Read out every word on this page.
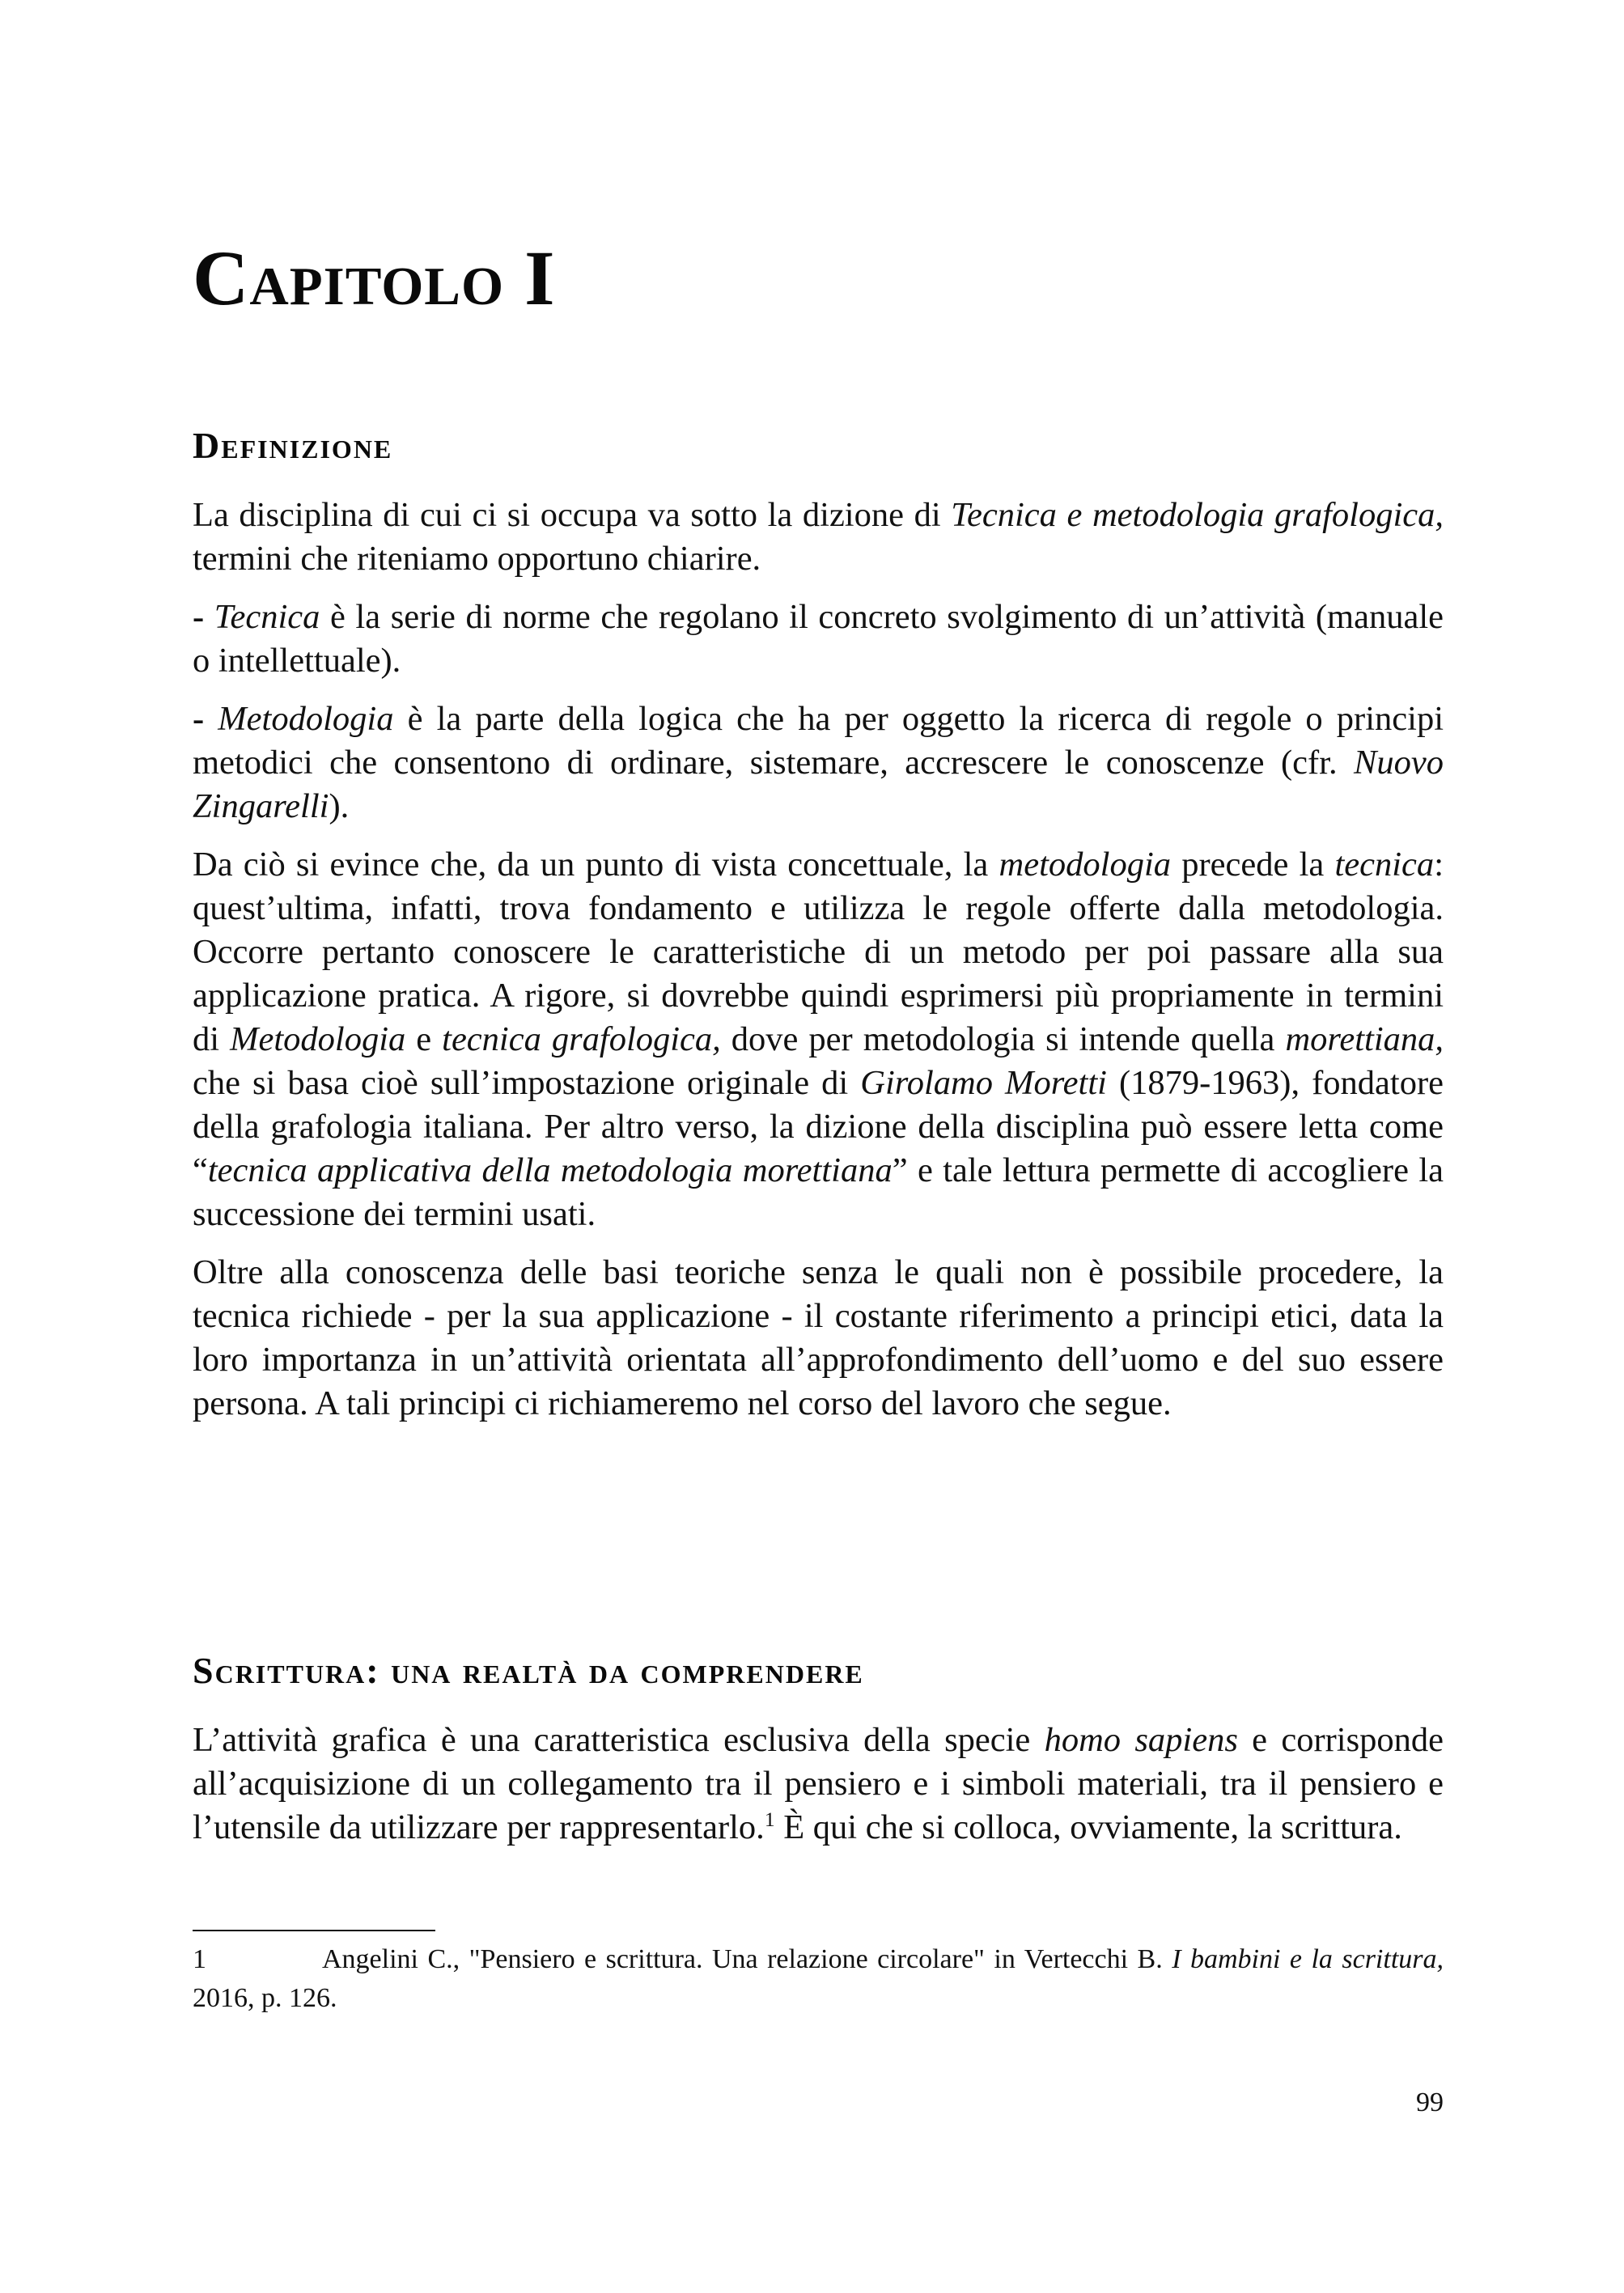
Capitolo I
Definizione

La disciplina di cui ci si occupa va sotto la dizione di Tecnica e metodologia grafologica, termini che riteniamo opportuno chiarire.

- Tecnica è la serie di norme che regolano il concreto svolgimento di un’attività (manuale o intellettuale).

- Metodologia è la parte della logica che ha per oggetto la ricerca di regole o principi metodici che consentono di ordinare, sistemare, accrescere le conoscenze (cfr. Nuovo Zingarelli).

Da ciò si evince che, da un punto di vista concettuale, la metodologia precede la tecnica: quest’ultima, infatti, trova fondamento e utilizza le regole offerte dalla metodologia. Occorre pertanto conoscere le caratteristiche di un metodo per poi passare alla sua applicazione pratica. A rigore, si dovrebbe quindi esprimersi più propriamente in termini di Metodologia e tecnica grafologica, dove per metodologia si intende quella morettiana, che si basa cioè sull’impostazione originale di Girolamo Moretti (1879-1963), fondatore della grafologia italiana. Per altro verso, la dizione della disciplina può essere letta come “tecnica applicativa della metodologia morettiana” e tale lettura permette di accogliere la successione dei termini usati.

Oltre alla conoscenza delle basi teoriche senza le quali non è possibile procedere, la tecnica richiede - per la sua applicazione - il costante riferimento a principi etici, data la loro importanza in un’attività orientata all’approfondimento dell’uomo e del suo essere persona. A tali principi ci richiameremo nel corso del lavoro che segue.

Scrittura: una realtà da comprendere

L’attività grafica è una caratteristica esclusiva della specie homo sapiens e corrisponde all’acquisizione di un collegamento tra il pensiero e i simboli materiali, tra il pensiero e l’utensile da utilizzare per rappresentarlo.$^1$ È qui che si colloca, ovviamente, la scrittura.

1	Angelini C., "Pensiero e scrittura. Una relazione circolare" in Vertecchi B. I bambini e la scrittura, 2016, p. 126.
99
